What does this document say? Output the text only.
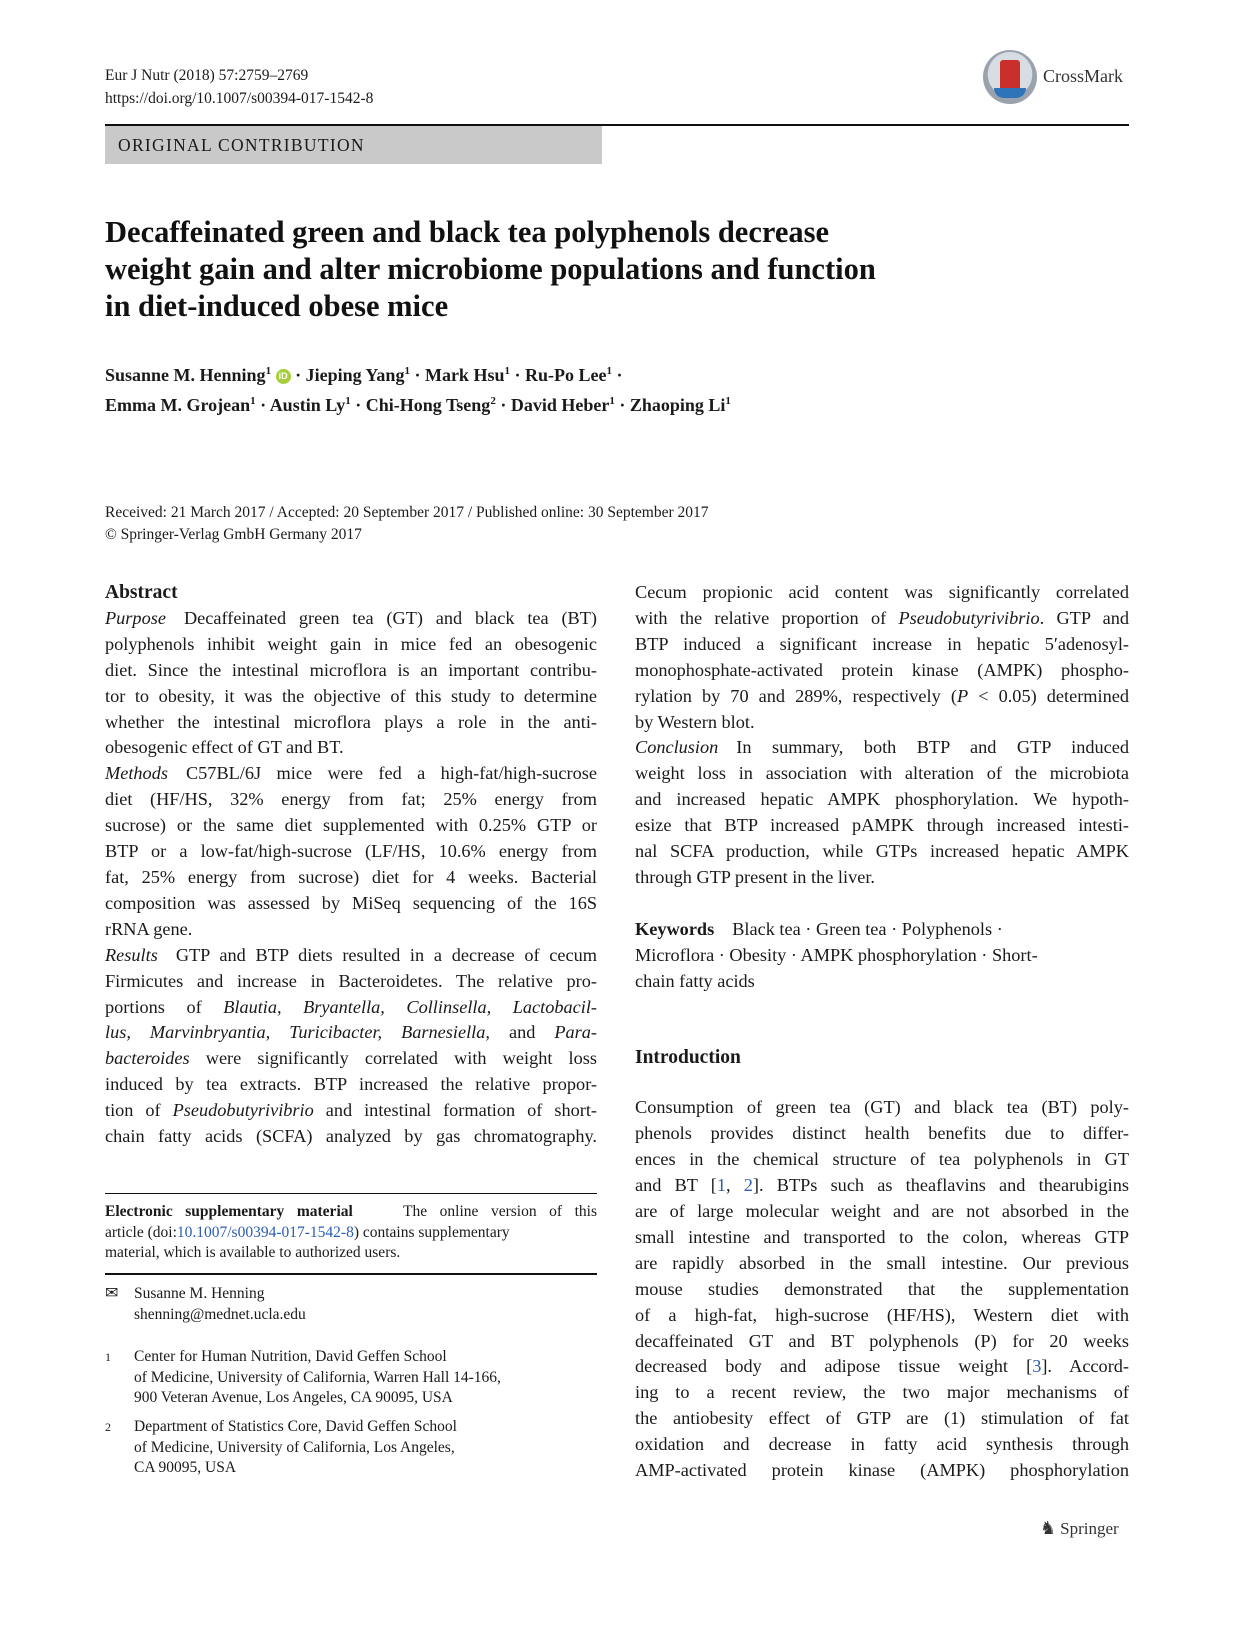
Eur J Nutr (2018) 57:2759–2769
https://doi.org/10.1007/s00394-017-1542-8
CrossMark
ORIGINAL CONTRIBUTION
Decaffeinated green and black tea polyphenols decrease
weight gain and alter microbiome populations and function
in diet-induced obese mice
Susanne M. Henning$^1$ iD · Jieping Yang$^1$ · Mark Hsu$^1$ · Ru-Po Lee$^1$ ·
Emma M. Grojean$^1$ · Austin $Ly^1$ · Chi-Hong Tseng$^2$ · David Heber$^1$ · Zhaoping Li$^1$
Received: 21 March 2017 / Accepted: 20 September 2017 / Published online: 30 September 2017
© Springer-Verlag GmbH Germany 2017
Abstract
Purpose Decaffeinated green tea (GT) and black tea (BT)
polyphenols inhibit weight gain in mice fed an obesogenic
diet. Since the intestinal microflora is an important contribu-
tor to obesity, it was the objective of this study to determine
whether the intestinal microflora plays a role in the anti-
obesogenic effect of GT and BT.
Methods C57BL/6J mice were fed a high-fat/high-sucrose
diet (HF/HS, 32% energy from fat; 25% energy from
sucrose) or the same diet supplemented with 0.25% GTP or
BTP or a low-fat/high-sucrose (LF/HS, 10.6% energy from
fat, 25% energy from sucrose) diet for 4 weeks. Bacterial
composition was assessed by MiSeq sequencing of the 16S
rRNA gene.
Results GTP and BTP diets resulted in a decrease of cecum
Firmicutes and increase in Bacteroidetes. The relative pro-
portions of Blautia, Bryantella, Collinsella, Lactobacil-
lus, Marvinbryantia, Turicibacter, Barnesiella, and Para-
bacteroides were significantly correlated with weight loss
induced by tea extracts. BTP increased the relative propor-
tion of Pseudobutyrivibrio and intestinal formation of short-
chain fatty acids (SCFA) analyzed by gas chromatography.
Electronic supplementary material	The online version of this
article (doi:10.1007/s00394-017-1542-8) contains supplementary
material, which is available to authorized users.
✉	Susanne M. Henning
shenning@mednet.ucla.edu
1	Center for Human Nutrition, David Geffen School
of Medicine, University of California, Warren Hall 14-166,
900 Veteran Avenue, Los Angeles, CA 90095, USA
2	Department of Statistics Core, David Geffen School
of Medicine, University of California, Los Angeles,
CA 90095, USA
Cecum propionic acid content was significantly correlated
with the relative proportion of Pseudobutyrivibrio. GTP and
BTP induced a significant increase in hepatic 5′adenosyl-
monophosphate-activated protein kinase (AMPK) phospho-
rylation by 70 and 289%, respectively (P < 0.05) determined
by Western blot.
Conclusion In summary, both BTP and GTP induced
weight loss in association with alteration of the microbiota
and increased hepatic AMPK phosphorylation. We hypoth-
esize that BTP increased pAMPK through increased intesti-
nal SCFA production, while GTPs increased hepatic AMPK
through GTP present in the liver.
Keywords Black tea · Green tea · Polyphenols ·
Microflora · Obesity · AMPK phosphorylation · Short-
chain fatty acids
Introduction
Consumption of green tea (GT) and black tea (BT) poly-
phenols provides distinct health benefits due to differ-
ences in the chemical structure of tea polyphenols in GT
and BT [1, 2]. BTPs such as theaflavins and thearubigins
are of large molecular weight and are not absorbed in the
small intestine and transported to the colon, whereas GTP
are rapidly absorbed in the small intestine. Our previous
mouse studies demonstrated that the supplementation
of a high-fat, high-sucrose (HF/HS), Western diet with
decaffeinated GT and BT polyphenols (P) for 20 weeks
decreased body and adipose tissue weight [3]. Accord-
ing to a recent review, the two major mechanisms of
the antiobesity effect of GTP are (1) stimulation of fat
oxidation and decrease in fatty acid synthesis through
AMP-activated protein kinase (AMPK) phosphorylation
♞ Springer
